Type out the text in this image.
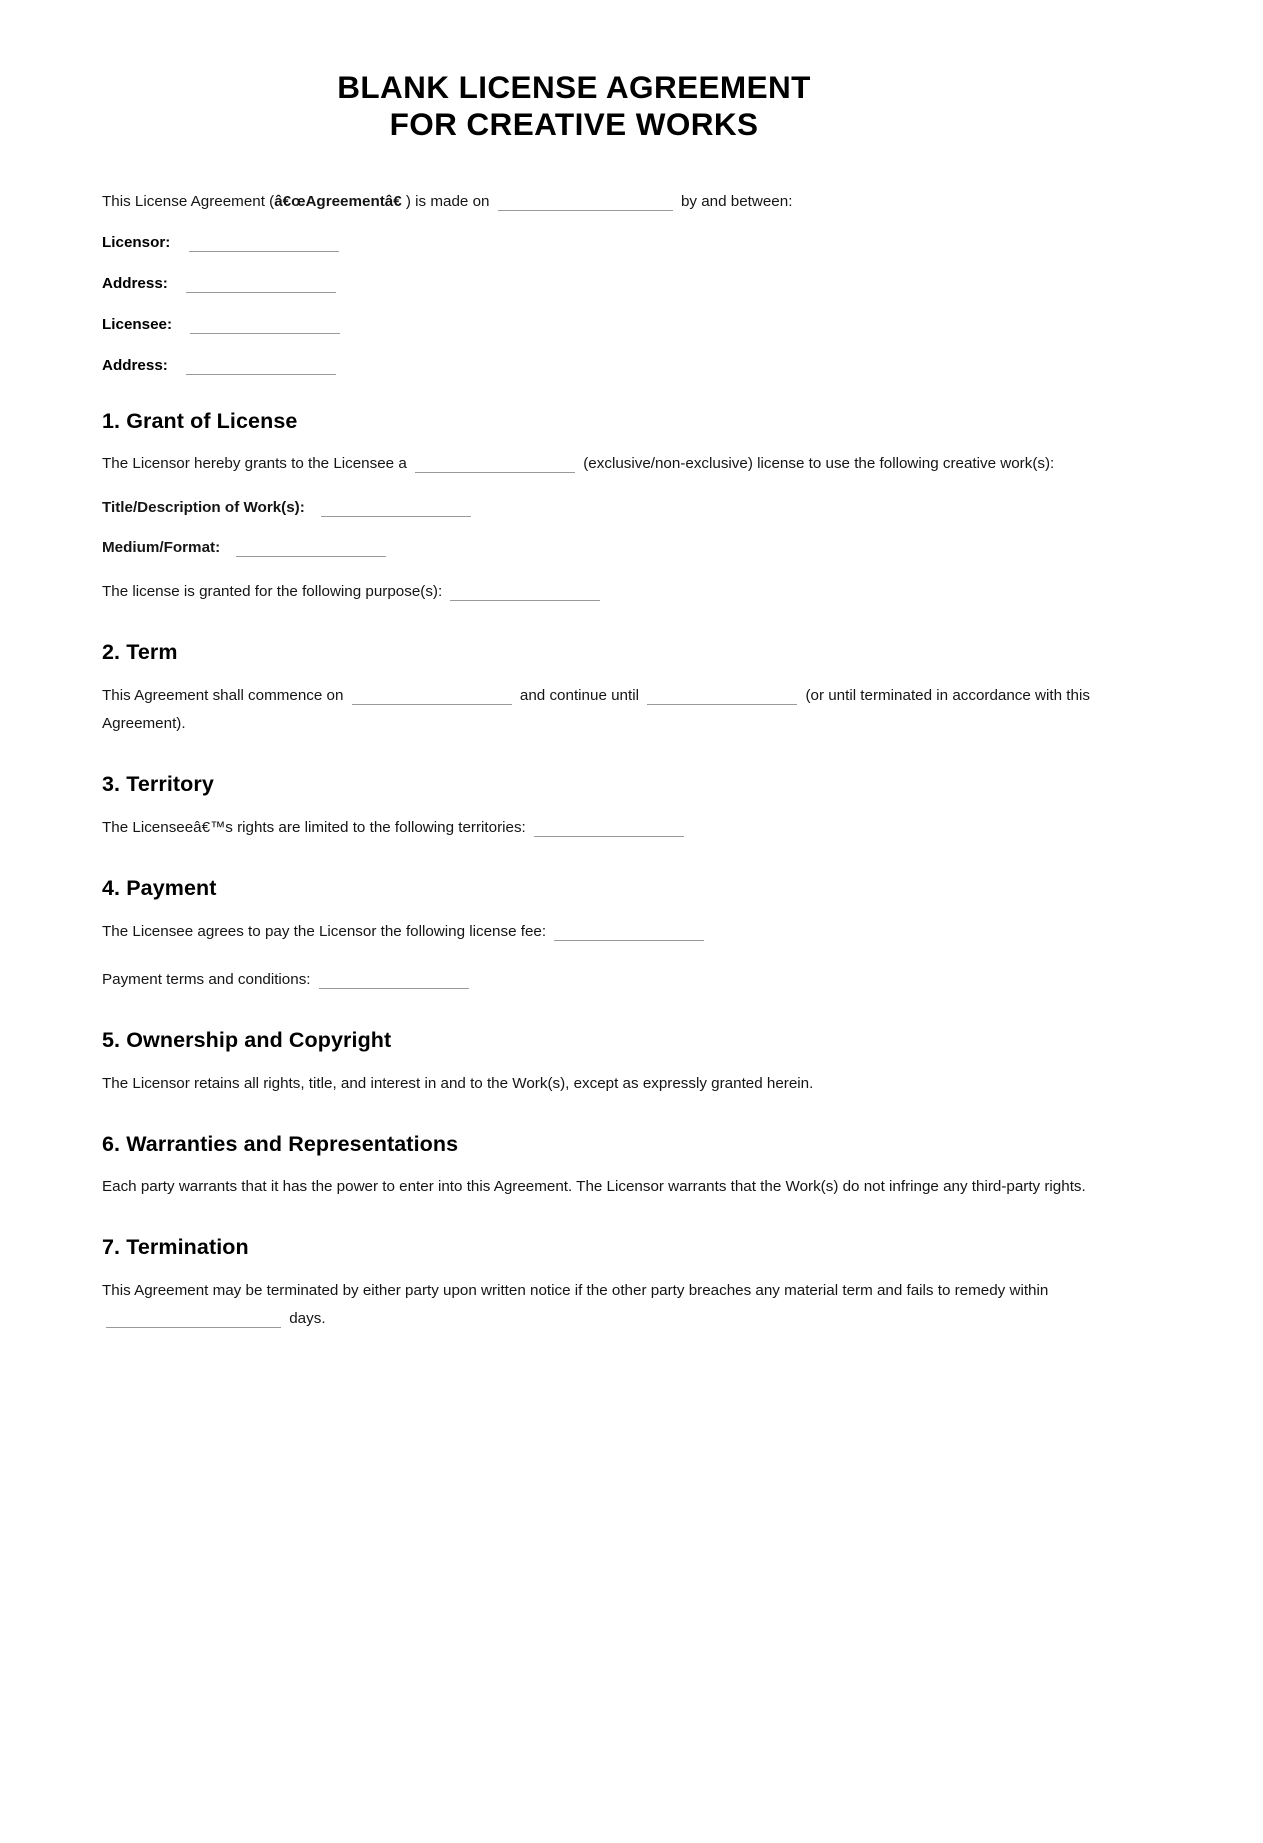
BLANK LICENSE AGREEMENT
FOR CREATIVE WORKS

This License Agreement (â€œAgreementâ€ ) is made on	by and between:

Licensor:
Address:
Licensee:
Address:
1. Grant of License

The Licensor hereby grants to the Licensee a	(exclusive/non-exclusive) license to use the following creative work(s):

Title/Description of Work(s):

Medium/Format:

The license is granted for the following purpose(s):

2. Term

This Agreement shall commence on	and continue until	(or until terminated in accordance with this Agreement).

3. Territory

The Licenseeâ€™s rights are limited to the following territories:

4. Payment

The Licensee agrees to pay the Licensor the following license fee:

Payment terms and conditions:

5. Ownership and Copyright

The Licensor retains all rights, title, and interest in and to the Work(s), except as expressly granted herein.

6. Warranties and Representations

Each party warrants that it has the power to enter into this Agreement. The Licensor warrants that the Work(s) do not infringe any third-party rights.

7. Termination

This Agreement may be terminated by either party upon written notice if the other party breaches any material term and fails to remedy within  days.
